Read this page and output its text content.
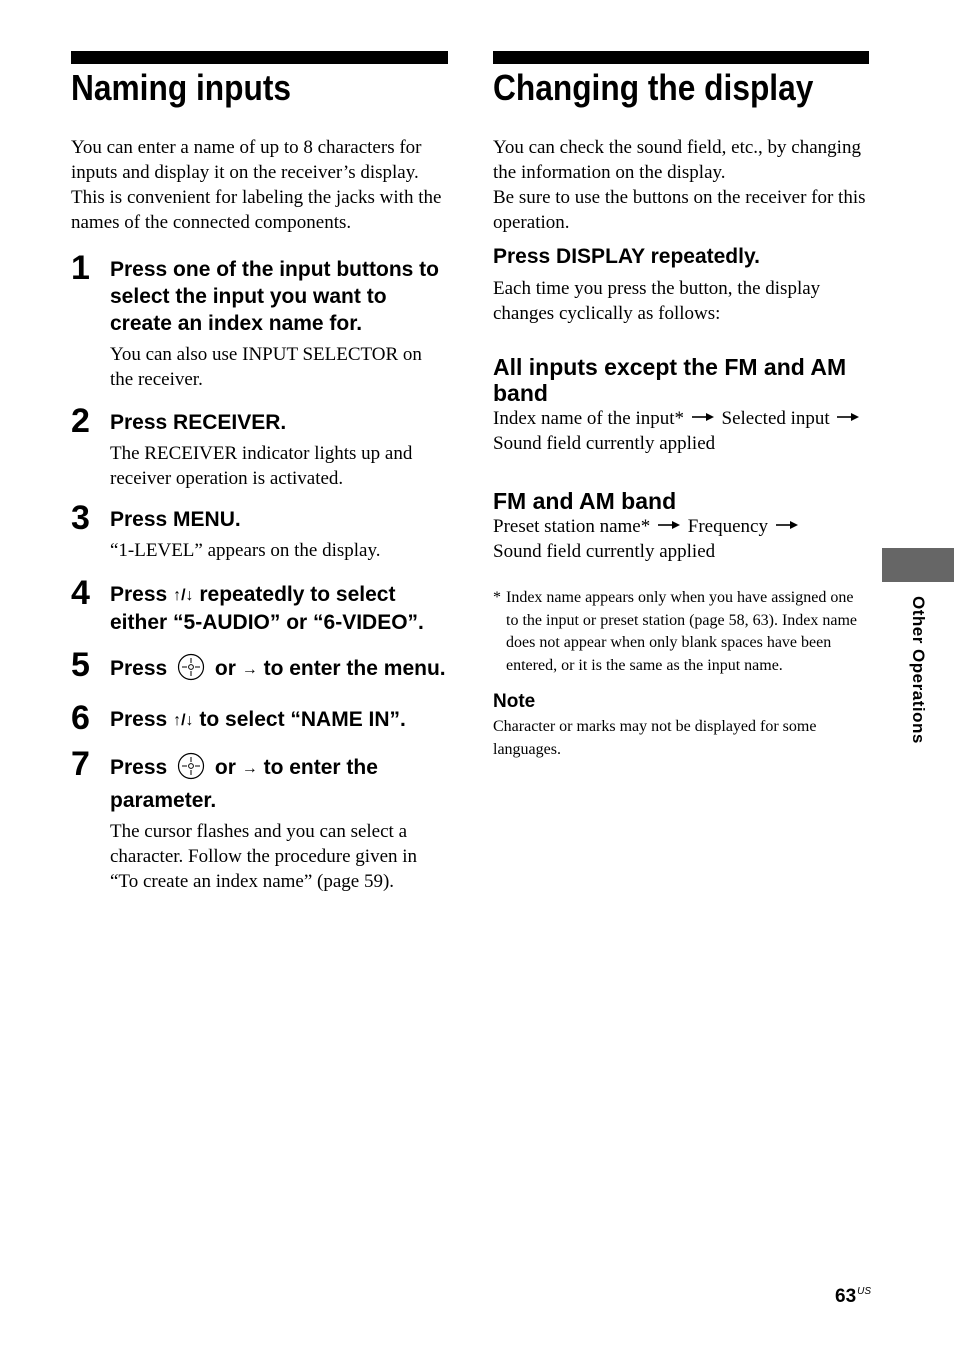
Naming inputs

You can enter a name of up to 8 characters for inputs and display it on the receiver’s display. This is convenient for labeling the jacks with the names of the connected components.

1 Press one of the input buttons to select the input you want to create an index name for.
You can also use INPUT SELECTOR on the receiver.
2 Press RECEIVER.
The RECEIVER indicator lights up and receiver operation is activated.
3 Press MENU.
“1-LEVEL” appears on the display.
4 Press ↑/↓ repeatedly to select either “5-AUDIO” or “6-VIDEO”.
5 Press or → to enter the menu.
6 Press ↑/↓ to select “NAME IN”.
7 Press or → to enter the parameter.
The cursor flashes and you can select a character. Follow the procedure given in “To create an index name” (page 59).
Changing the display

You can check the sound field, etc., by changing the information on the display.

Be sure to use the buttons on the receiver for this operation.

Press DISPLAY repeatedly.

Each time you press the button, the display changes cyclically as follows:

All inputs except the FM and AM band
Index name of the input* Selected input
Sound field currently applied
FM and AM band
Preset station name* Frequency
Sound field currently applied
* Index name appears only when you have assigned one to the input or preset station (page 58, 63). Index name does not appear when only blank spaces have been entered, or it is the same as the input name.
Note
Character or marks may not be displayed for some languages.
Other Operations
$63^{US}$
